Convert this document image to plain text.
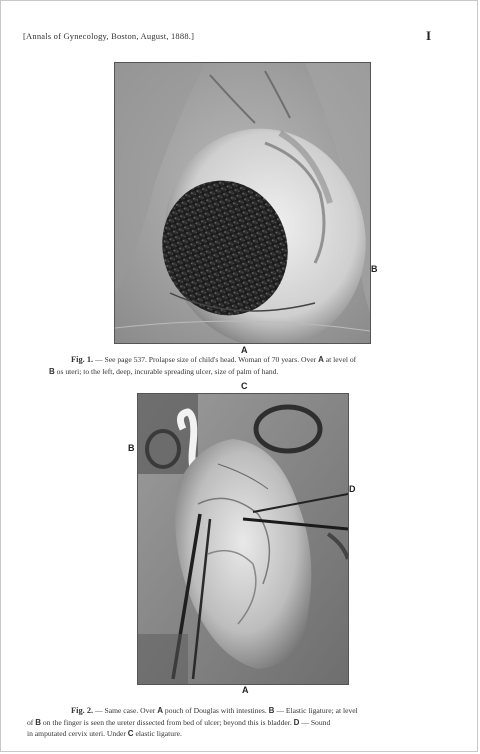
[Annals of Gynecology, Boston, August, 1888.]	I
B
A
Fig. 1. — See page 537. Prolapse size of child's head. Woman of 70 years. Over A at level of
B os uteri; to the left, deep, incurable spreading ulcer, size of palm of hand.
C
B
D
A
Fig. 2. — Same case. Over A pouch of Douglas with intestines. B — Elastic ligature; at level
of B on the finger is seen the ureter dissected from bed of ulcer; beyond this is bladder. D — Sound
in amputated cervix uteri. Under C elastic ligature.
